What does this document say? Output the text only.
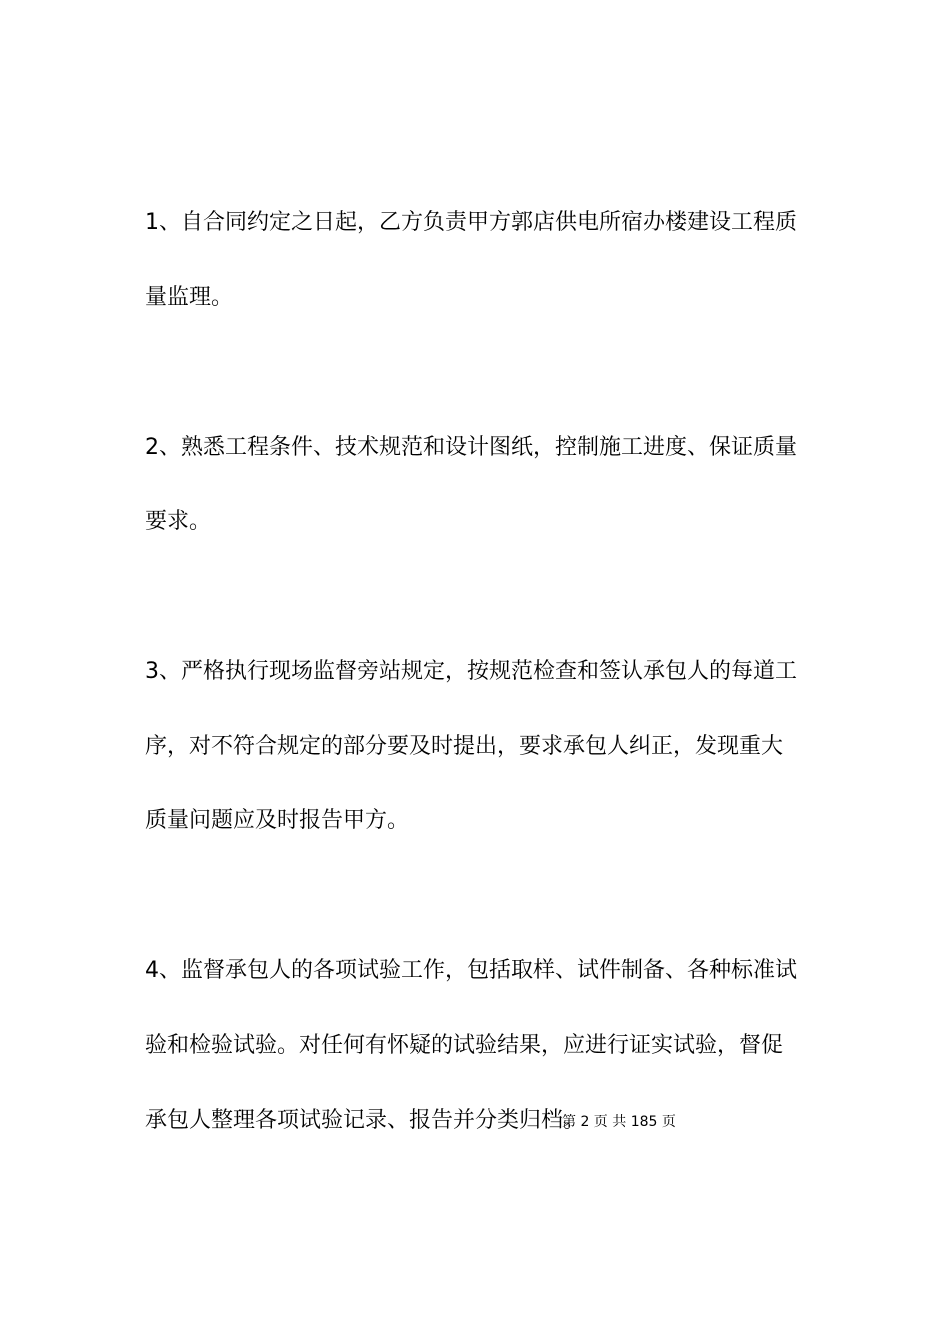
1、自合同约定之日起，乙方负责甲方郭店供电所宿办楼建设工程质
量监理。
2、熟悉工程条件、技术规范和设计图纸，控制施工进度、保证质量
要求。
3、严格执行现场监督旁站规定，按规范检查和签认承包人的每道工
序，对不符合规定的部分要及时提出，要求承包人纠正，发现重大
质量问题应及时报告甲方。
4、监督承包人的各项试验工作，包括取样、试件制备、各种标准试
验和检验试验。对任何有怀疑的试验结果，应进行证实试验，督促
承包人整理各项试验记录、报告并分类归档。
第 2 页 共 185 页
